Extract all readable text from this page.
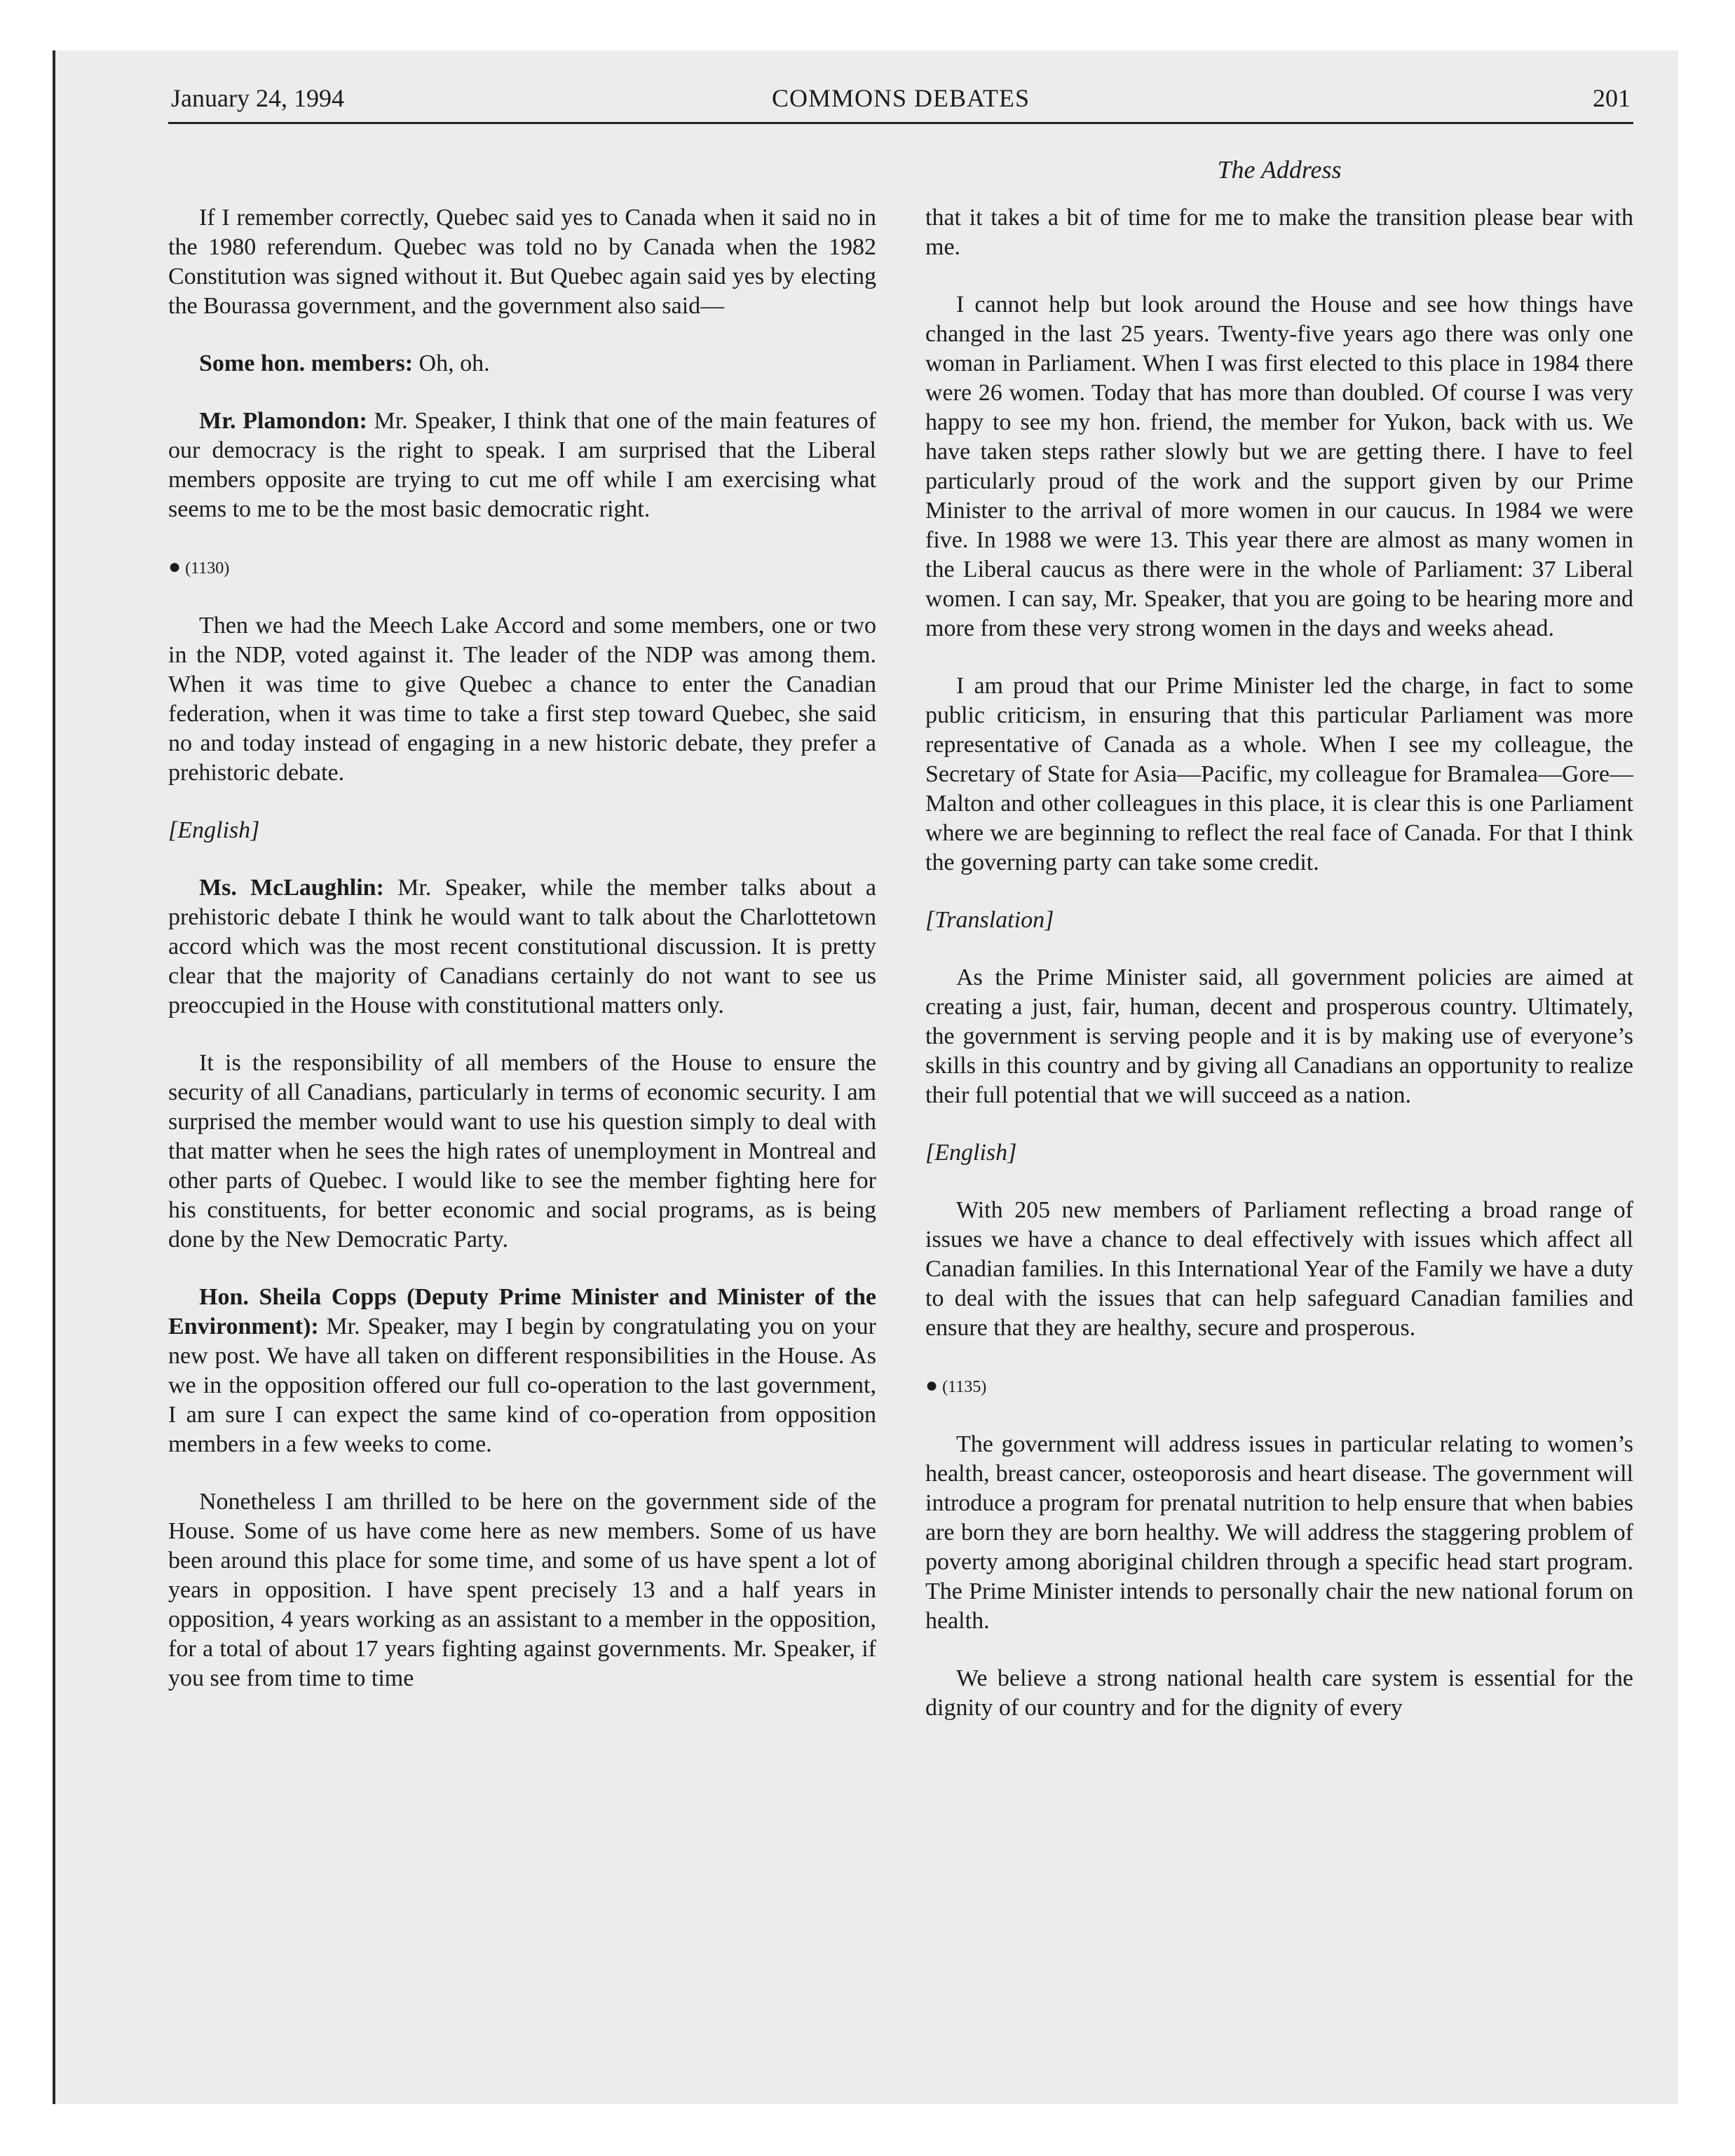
January 24, 1994	COMMONS DEBATES	201
The Address

If I remember correctly, Quebec said yes to Canada when it said no in the 1980 referendum. Quebec was told no by Canada when the 1982 Constitution was signed without it. But Quebec again said yes by electing the Bourassa government, and the government also said—

Some hon. members: Oh, oh.

Mr. Plamondon: Mr. Speaker, I think that one of the main features of our democracy is the right to speak. I am surprised that the Liberal members opposite are trying to cut me off while I am exercising what seems to me to be the most basic democratic right.

● (1130)

Then we had the Meech Lake Accord and some members, one or two in the NDP, voted against it. The leader of the NDP was among them. When it was time to give Quebec a chance to enter the Canadian federation, when it was time to take a first step toward Quebec, she said no and today instead of engaging in a new historic debate, they prefer a prehistoric debate.

[English]

Ms. McLaughlin: Mr. Speaker, while the member talks about a prehistoric debate I think he would want to talk about the Charlottetown accord which was the most recent constitutional discussion. It is pretty clear that the majority of Canadians certainly do not want to see us preoccupied in the House with constitutional matters only.

It is the responsibility of all members of the House to ensure the security of all Canadians, particularly in terms of economic security. I am surprised the member would want to use his question simply to deal with that matter when he sees the high rates of unemployment in Montreal and other parts of Quebec. I would like to see the member fighting here for his constituents, for better economic and social programs, as is being done by the New Democratic Party.

Hon. Sheila Copps (Deputy Prime Minister and Minister of the Environment): Mr. Speaker, may I begin by congratulating you on your new post. We have all taken on different responsibilities in the House. As we in the opposition offered our full co-operation to the last government, I am sure I can expect the same kind of co-operation from opposition members in a few weeks to come.

Nonetheless I am thrilled to be here on the government side of the House. Some of us have come here as new members. Some of us have been around this place for some time, and some of us have spent a lot of years in opposition. I have spent precisely 13 and a half years in opposition, 4 years working as an assistant to a member in the opposition, for a total of about 17 years fighting against governments. Mr. Speaker, if you see from time to time

that it takes a bit of time for me to make the transition please bear with me.

I cannot help but look around the House and see how things have changed in the last 25 years. Twenty-five years ago there was only one woman in Parliament. When I was first elected to this place in 1984 there were 26 women. Today that has more than doubled. Of course I was very happy to see my hon. friend, the member for Yukon, back with us. We have taken steps rather slowly but we are getting there. I have to feel particularly proud of the work and the support given by our Prime Minister to the arrival of more women in our caucus. In 1984 we were five. In 1988 we were 13. This year there are almost as many women in the Liberal caucus as there were in the whole of Parliament: 37 Liberal women. I can say, Mr. Speaker, that you are going to be hearing more and more from these very strong women in the days and weeks ahead.

I am proud that our Prime Minister led the charge, in fact to some public criticism, in ensuring that this particular Parliament was more representative of Canada as a whole. When I see my colleague, the Secretary of State for Asia—Pacific, my colleague for Bramalea—Gore—Malton and other colleagues in this place, it is clear this is one Parliament where we are beginning to reflect the real face of Canada. For that I think the governing party can take some credit.

[Translation]

As the Prime Minister said, all government policies are aimed at creating a just, fair, human, decent and prosperous country. Ultimately, the government is serving people and it is by making use of everyone’s skills in this country and by giving all Canadians an opportunity to realize their full potential that we will succeed as a nation.

[English]

With 205 new members of Parliament reflecting a broad range of issues we have a chance to deal effectively with issues which affect all Canadian families. In this International Year of the Family we have a duty to deal with the issues that can help safeguard Canadian families and ensure that they are healthy, secure and prosperous.

● (1135)

The government will address issues in particular relating to women’s health, breast cancer, osteoporosis and heart disease. The government will introduce a program for prenatal nutrition to help ensure that when babies are born they are born healthy. We will address the staggering problem of poverty among aboriginal children through a specific head start program. The Prime Minister intends to personally chair the new national forum on health.

We believe a strong national health care system is essential for the dignity of our country and for the dignity of every
